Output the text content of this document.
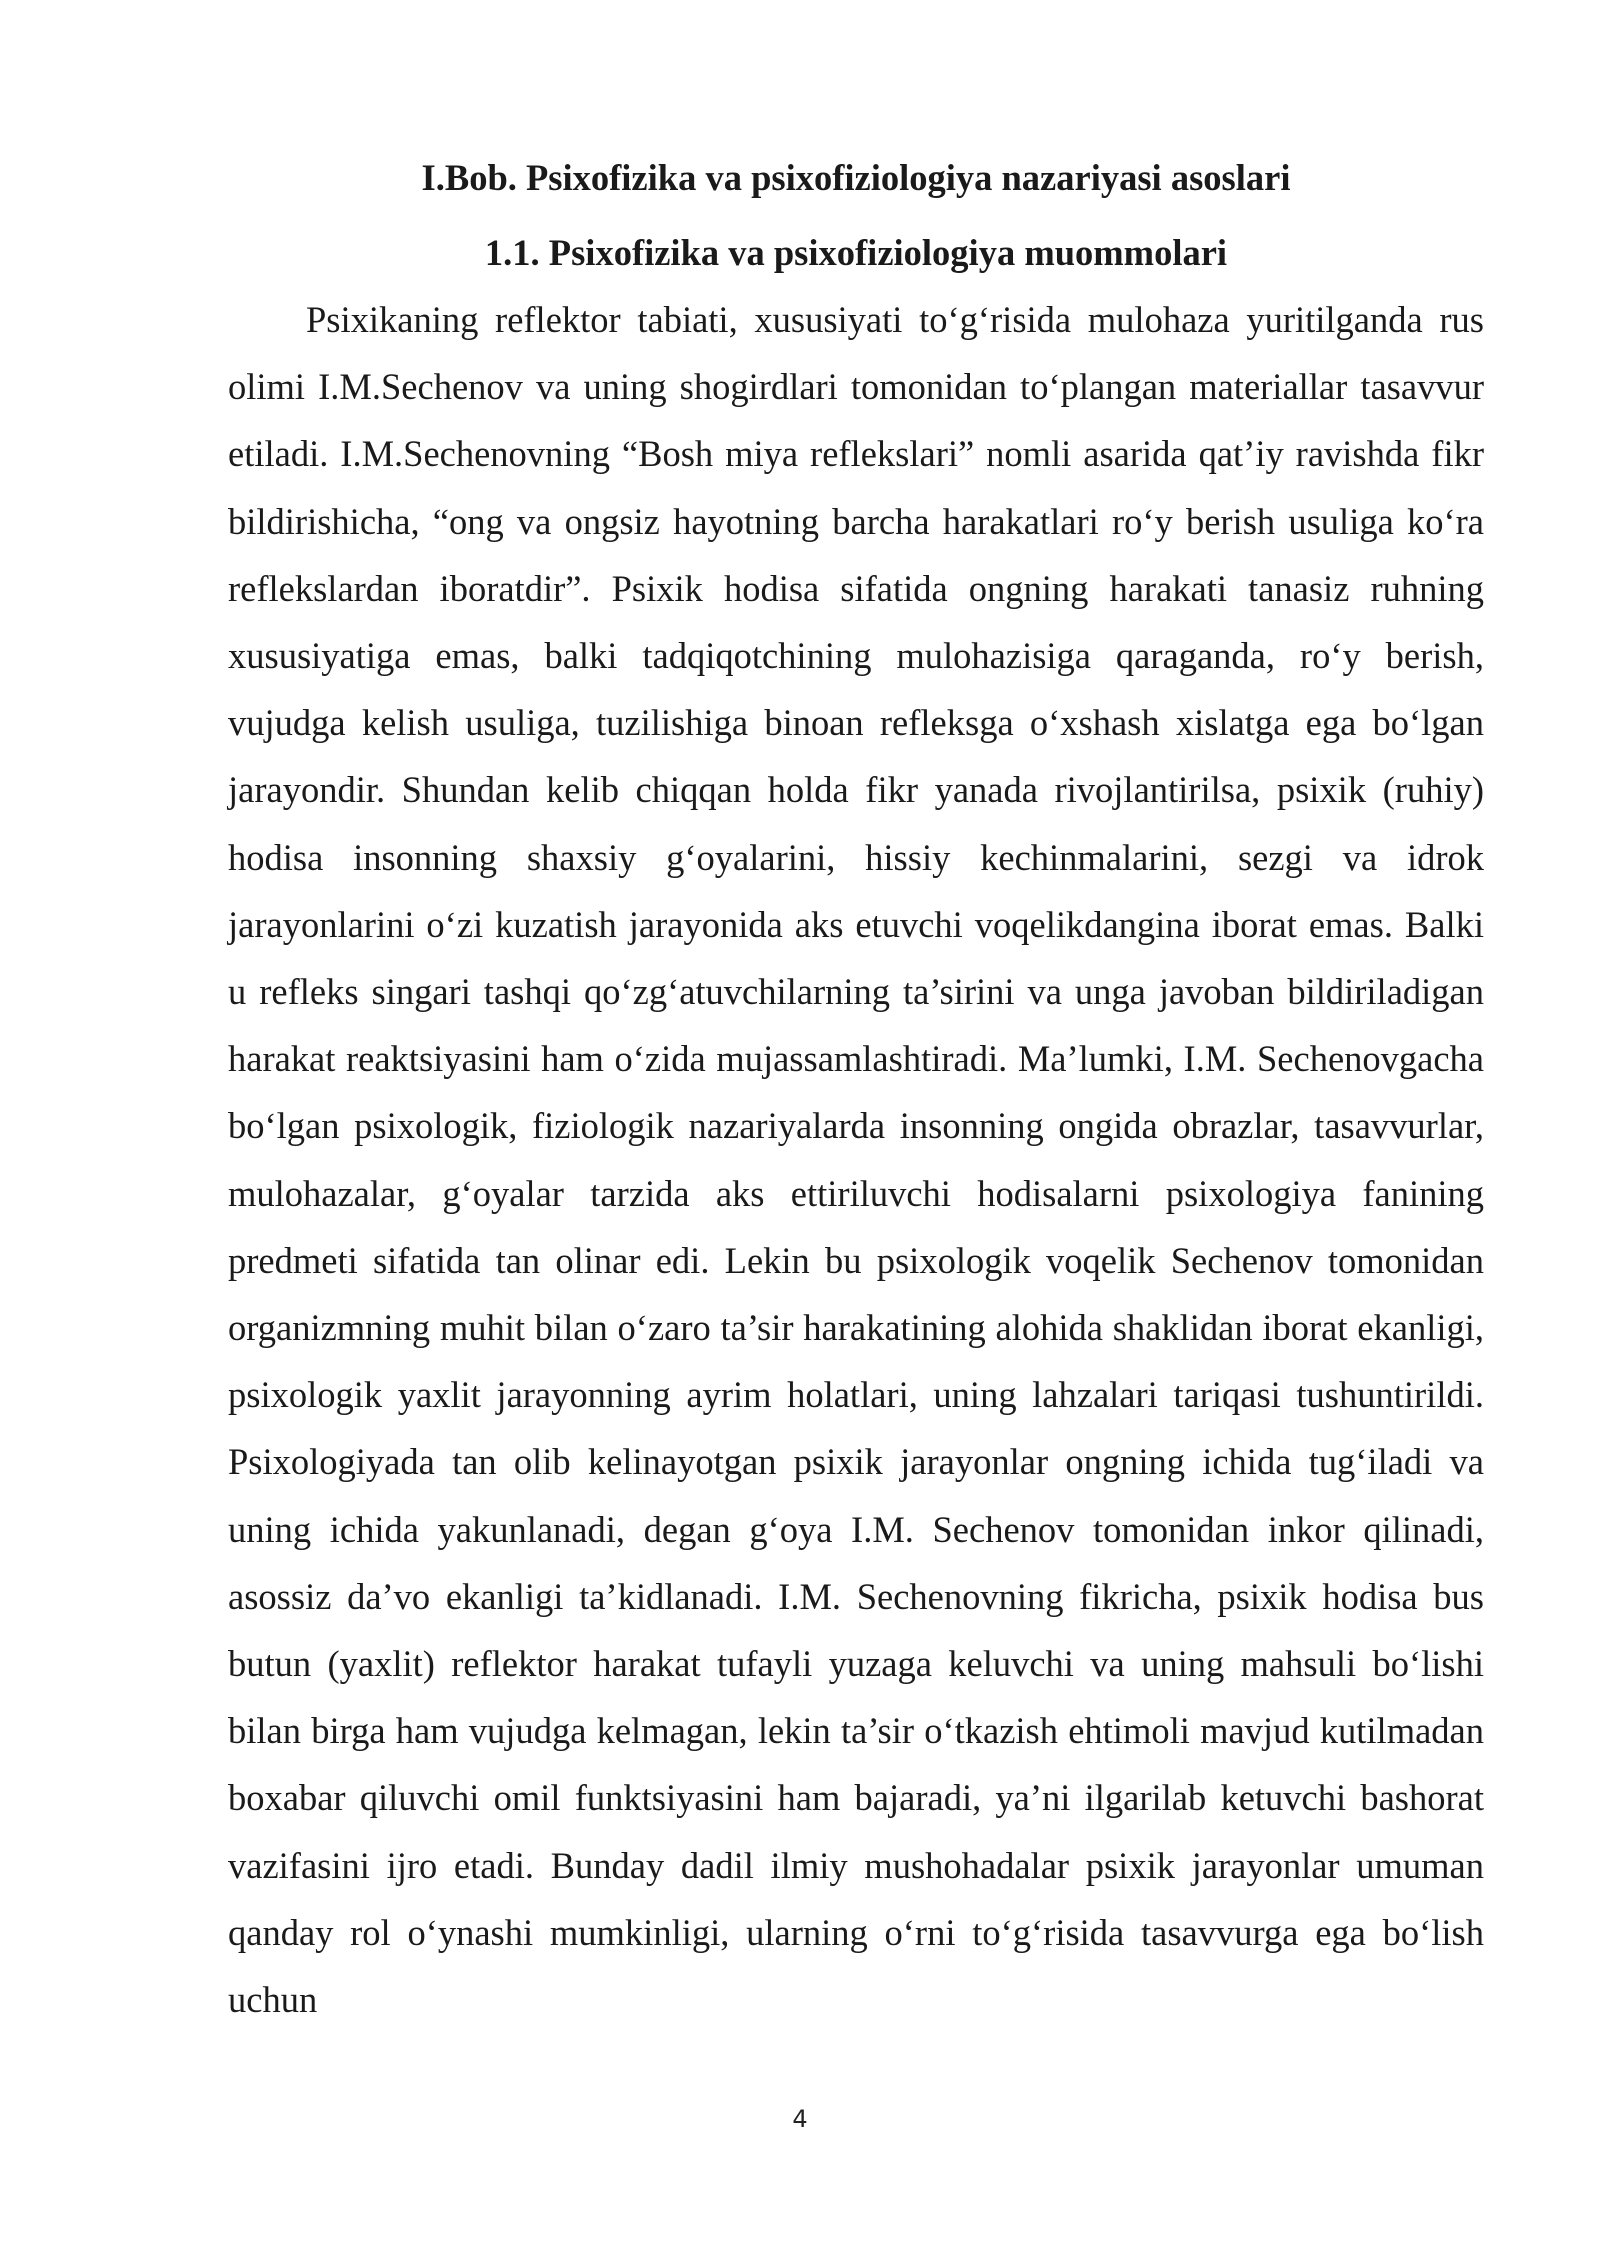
I.Bob. Psixofizika va psixofiziologiya nazariyasi asoslari
1.1. Psixofizika va psixofiziologiya muommolari

Psixikaning reflektor tabiati, xususiyati to‘g‘risida mulohaza yuritilganda rus olimi I.M.Sechenov va uning shogirdlari tomonidan to‘plangan materiallar tasavvur etiladi. I.M.Sechenovning “Bosh miya reflekslari” nomli asarida qat’iy ravishda fikr bildirishicha, “ong va ongsiz hayotning barcha harakatlari ro‘y berish usuliga ko‘ra reflekslardan iboratdir”. Psixik hodisa sifatida ongning harakati tanasiz ruhning xususiyatiga emas, balki tadqiqotchining mulohazisiga qaraganda, ro‘y berish, vujudga kelish usuliga, tuzilishiga binoan refleksga o‘xshash xislatga ega bo‘lgan jarayondir. Shundan kelib chiqqan holda fikr yanada rivojlantirilsa, psixik (ruhiy) hodisa insonning shaxsiy g‘oyalarini, hissiy kechinmalarini, sezgi va idrok jarayonlarini o‘zi kuzatish jarayonida aks etuvchi voqelikdangina iborat emas. Balki u refleks singari tashqi qo‘zg‘atuvchilarning ta’sirini va unga javoban bildiriladigan harakat reaktsiyasini ham o‘zida mujassamlashtiradi. Ma’lumki, I.M. Sechenovgacha bo‘lgan psixologik, fiziologik nazariyalarda insonning ongida obrazlar, tasavvurlar, mulohazalar, g‘oyalar tarzida aks ettiriluvchi hodisalarni psixologiya fanining predmeti sifatida tan olinar edi. Lekin bu psixologik voqelik Sechenov tomonidan organizmning muhit bilan o‘zaro ta’sir harakatining alohida shaklidan iborat ekanligi, psixologik yaxlit jarayonning ayrim holatlari, uning lahzalari tariqasi tushuntirildi. Psixologiyada tan olib kelinayotgan psixik jarayonlar ongning ichida tug‘iladi va uning ichida yakunlanadi, degan g‘oya I.M. Sechenov tomonidan inkor qilinadi, asossiz da’vo ekanligi ta’kidlanadi. I.M. Sechenovning fikricha, psixik hodisa bus butun (yaxlit) reflektor harakat tufayli yuzaga keluvchi va uning mahsuli bo‘lishi bilan birga ham vujudga kelmagan, lekin ta’sir o‘tkazish ehtimoli mavjud kutilmadan boxabar qiluvchi omil funktsiyasini ham bajaradi, ya’ni ilgarilab ketuvchi bashorat vazifasini ijro etadi. Bunday dadil ilmiy mushohadalar psixik jarayonlar umuman qanday rol o‘ynashi mumkinligi, ularning o‘rni to‘g‘risida tasavvurga ega bo‘lish uchun

4
